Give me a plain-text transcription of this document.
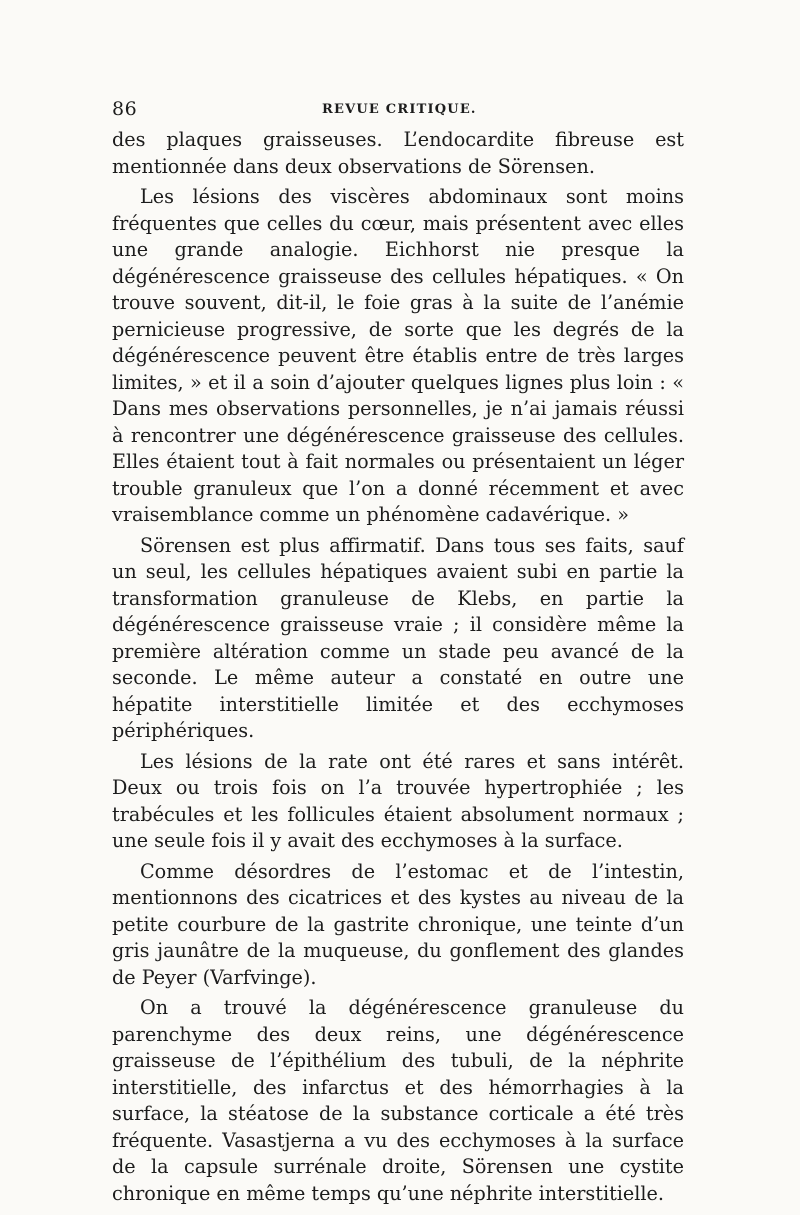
86	REVUE CRITIQUE.

des plaques graisseuses. L’endocardite fibreuse est mentionnée dans deux observations de Sörensen.

Les lésions des viscères abdominaux sont moins fréquentes que celles du cœur, mais présentent avec elles une grande analogie. Eichhorst nie presque la dégénérescence graisseuse des cellules hépatiques. « On trouve souvent, dit-il, le foie gras à la suite de l’anémie pernicieuse progressive, de sorte que les degrés de la dégénérescence peuvent être établis entre de très larges limites, » et il a soin d’ajouter quelques lignes plus loin : « Dans mes observations personnelles, je n’ai jamais réussi à rencontrer une dégénérescence graisseuse des cellules. Elles étaient tout à fait normales ou présentaient un léger trouble granuleux que l’on a donné récemment et avec vraisemblance comme un phénomène cadavérique. »

Sörensen est plus affirmatif. Dans tous ses faits, sauf un seul, les cellules hépatiques avaient subi en partie la transformation granuleuse de Klebs, en partie la dégénérescence graisseuse vraie ; il considère même la première altération comme un stade peu avancé de la seconde. Le même auteur a constaté en outre une hépatite interstitielle limitée et des ecchymoses périphériques.

Les lésions de la rate ont été rares et sans intérêt. Deux ou trois fois on l’a trouvée hypertrophiée ; les trabécules et les follicules étaient absolument normaux ; une seule fois il y avait des ecchymoses à la surface.

Comme désordres de l’estomac et de l’intestin, mentionnons des cicatrices et des kystes au niveau de la petite courbure de la gastrite chronique, une teinte d’un gris jaunâtre de la muqueuse, du gonflement des glandes de Peyer (Varfvinge).

On a trouvé la dégénérescence granuleuse du parenchyme des deux reins, une dégénérescence graisseuse de l’épithélium des tubuli, de la néphrite interstitielle, des infarctus et des hémorrhagies à la surface, la stéatose de la substance corticale a été très fréquente. Vasastjerna a vu des ecchymoses à la surface de la capsule surrénale droite, Sörensen une cystite chronique en même temps qu’une néphrite interstitielle.
